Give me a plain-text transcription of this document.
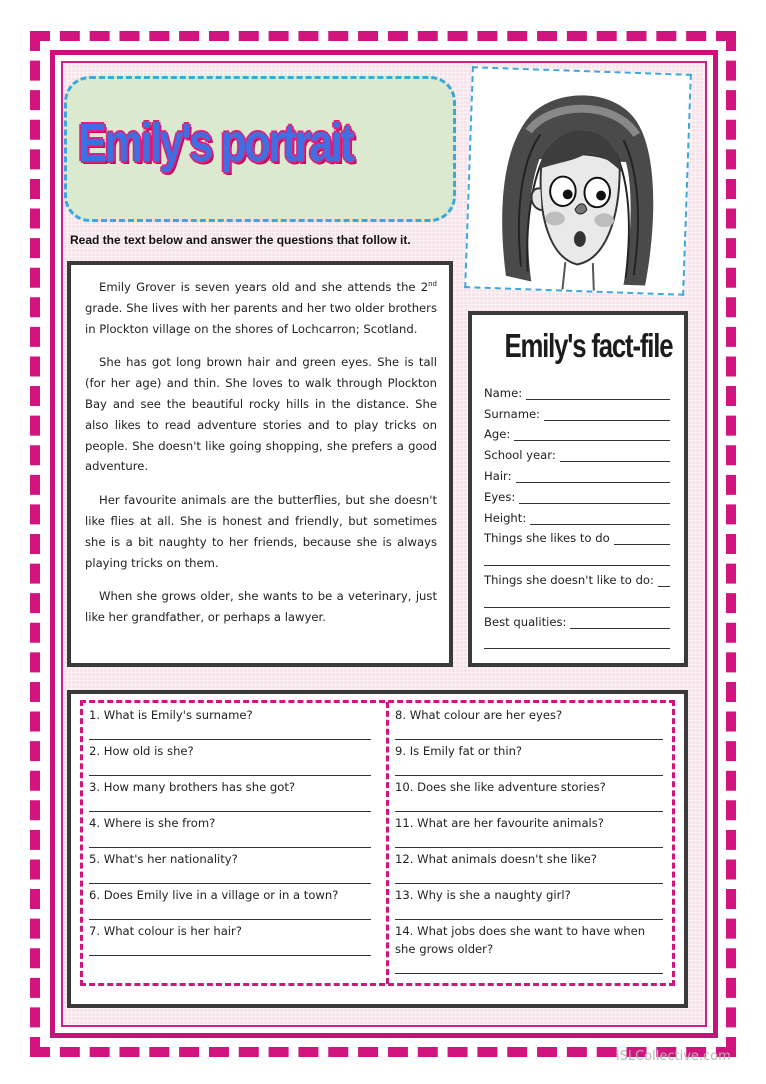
Emily's portrait
Read the text below and answer the questions that follow it.

Emily Grover is seven years old and she attends the 2nd grade. She lives with her parents and her two older brothers in Plockton village on the shores of Lochcarron; Scotland.

She has got long brown hair and green eyes. She is tall (for her age) and thin. She loves to walk through Plockton Bay and see the beautiful rocky hills in the distance. She also likes to read adventure stories and to play tricks on people. She doesn't like going shopping, she prefers a good adventure.

Her favourite animals are the butterflies, but she doesn't like flies at all. She is honest and friendly, but sometimes she is a bit naughty to her friends, because she is always playing tricks on them.

When she grows older, she wants to be a veterinary, just like her grandfather, or perhaps a lawyer.

Emily's fact-file
Name:
Surname:
Age:
School year:
Hair:
Eyes:
Height:
Things she likes to do
Things she doesn't like to do:
Best qualities:
1. What is Emily's surname?
2. How old is she?
3. How many brothers has she got?
4. Where is she from?
5. What's her nationality?
6. Does Emily live in a village or in a town?
7. What colour is her hair?
8. What colour are her eyes?
9. Is Emily fat or thin?
10. Does she like adventure stories?
11. What are her favourite animals?
12. What animals doesn't she like?
13. Why is she a naughty girl?
14. What jobs does she want to have when she grows older?
iSLCollective.com
